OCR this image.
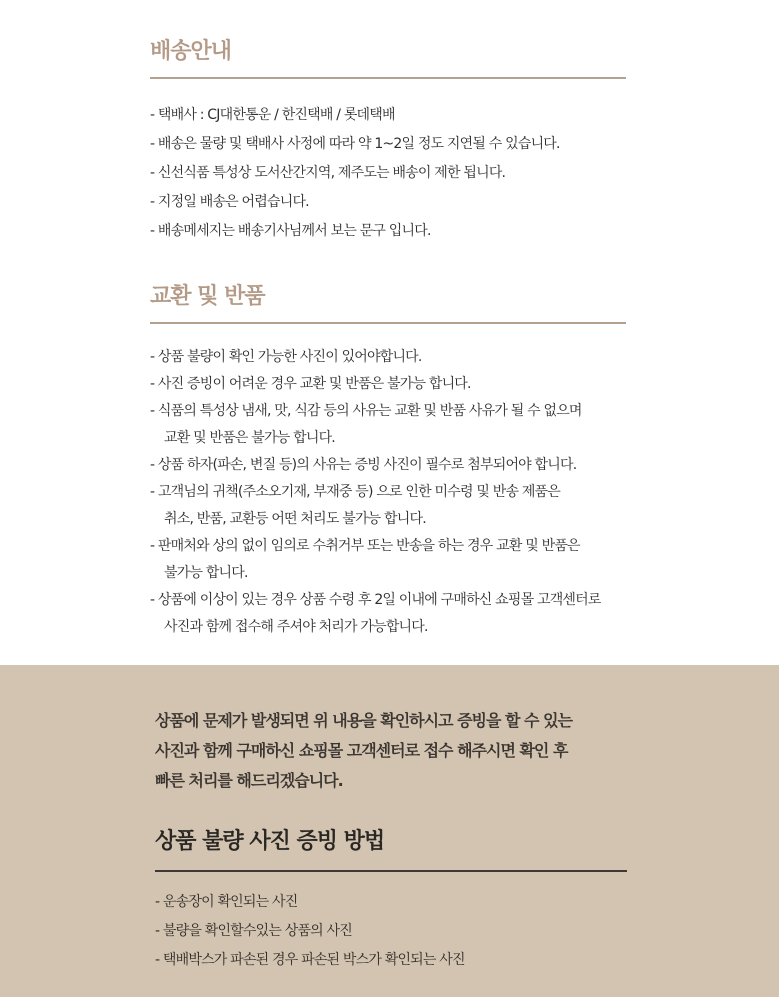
배송안내
- 택배사 : CJ대한통운 / 한진택배 / 롯데택배
- 배송은 물량 및 택배사 사정에 따라 약 1~2일 정도 지연될 수 있습니다.
- 신선식품 특성상 도서산간지역, 제주도는 배송이 제한 됩니다.
- 지정일 배송은 어렵습니다.
- 배송메세지는 배송기사님께서 보는 문구 입니다.
교환 및 반품
- 상품 불량이 확인 가능한 사진이 있어야합니다.
- 사진 증빙이 어려운 경우 교환 및 반품은 불가능 합니다.
- 식품의 특성상 냄새, 맛, 식감 등의 사유는 교환 및 반품 사유가 될 수 없으며
교환 및 반품은 불가능 합니다.
- 상품 하자(파손, 변질 등)의 사유는 증빙 사진이 필수로 첨부되어야 합니다.
- 고객님의 귀책(주소오기재, 부재중 등) 으로 인한 미수령 및 반송 제품은
취소, 반품, 교환등 어떤 처리도 불가능 합니다.
- 판매처와 상의 없이 임의로 수취거부 또는 반송을 하는 경우 교환 및 반품은
불가능 합니다.
- 상품에 이상이 있는 경우 상품 수령 후 2일 이내에 구매하신 쇼핑몰 고객센터로
사진과 함께 접수해 주셔야 처리가 가능합니다.

상품에 문제가 발생되면 위 내용을 확인하시고 증빙을 할 수 있는
사진과 함께 구매하신 쇼핑몰 고객센터로 접수 해주시면 확인 후
빠른 처리를 해드리겠습니다.

상품 불량 사진 증빙 방법
- 운송장이 확인되는 사진
- 불량을 확인할수있는 상품의 사진
- 택배박스가 파손된 경우 파손된 박스가 확인되는 사진
